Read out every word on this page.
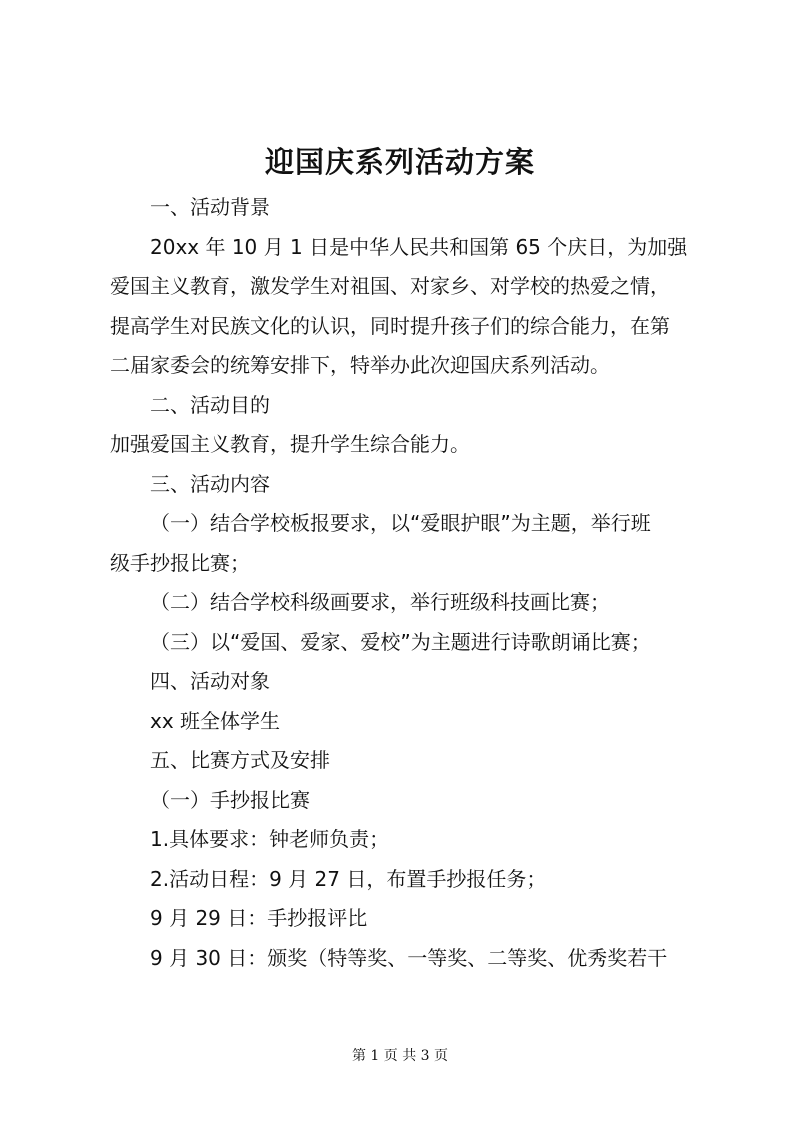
迎国庆系列活动方案

一、活动背景

20xx 年 10 月 1 日是中华人民共和国第 65 个庆日，为加强

爱国主义教育，激发学生对祖国、对家乡、对学校的热爱之情，

提高学生对民族文化的认识，同时提升孩子们的综合能力，在第

二届家委会的统筹安排下，特举办此次迎国庆系列活动。

二、活动目的

加强爱国主义教育，提升学生综合能力。

三、活动内容

（一）结合学校板报要求，以“爱眼护眼”为主题，举行班

级手抄报比赛；

（二）结合学校科级画要求，举行班级科技画比赛；

（三）以“爱国、爱家、爱校”为主题进行诗歌朗诵比赛；

四、活动对象

xx 班全体学生

五、比赛方式及安排

（一）手抄报比赛

1.具体要求：钟老师负责；

2.活动日程：9 月 27 日，布置手抄报任务；

9 月 29 日：手抄报评比

9 月 30 日：颁奖（特等奖、一等奖、二等奖、优秀奖若干

第 1 页 共 3 页
